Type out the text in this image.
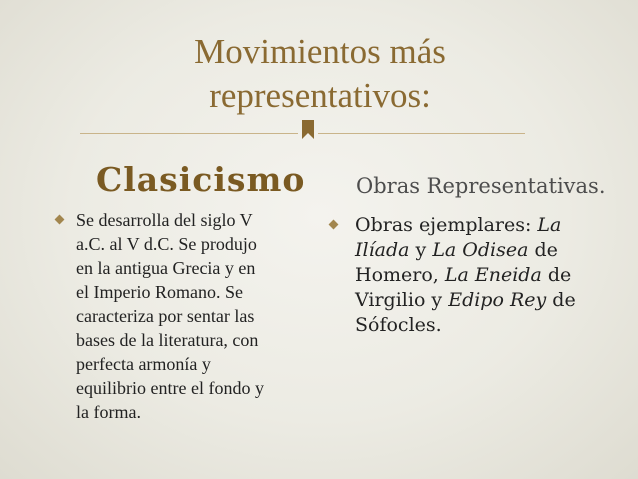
Movimientos más
representativos:
Clasicismo Obras Representativas.
Se desarrolla del siglo V
a.C. al V d.C. Se produjo
en la antigua Grecia y en
el Imperio Romano. Se
caracteriza por sentar las
bases de la literatura, con
perfecta armonía y
equilibrio entre el fondo y
la forma.
Obras ejemplares: La Ilíada y La Odisea de Homero, La Eneida de Virgilio y Edipo Rey de Sófocles.
